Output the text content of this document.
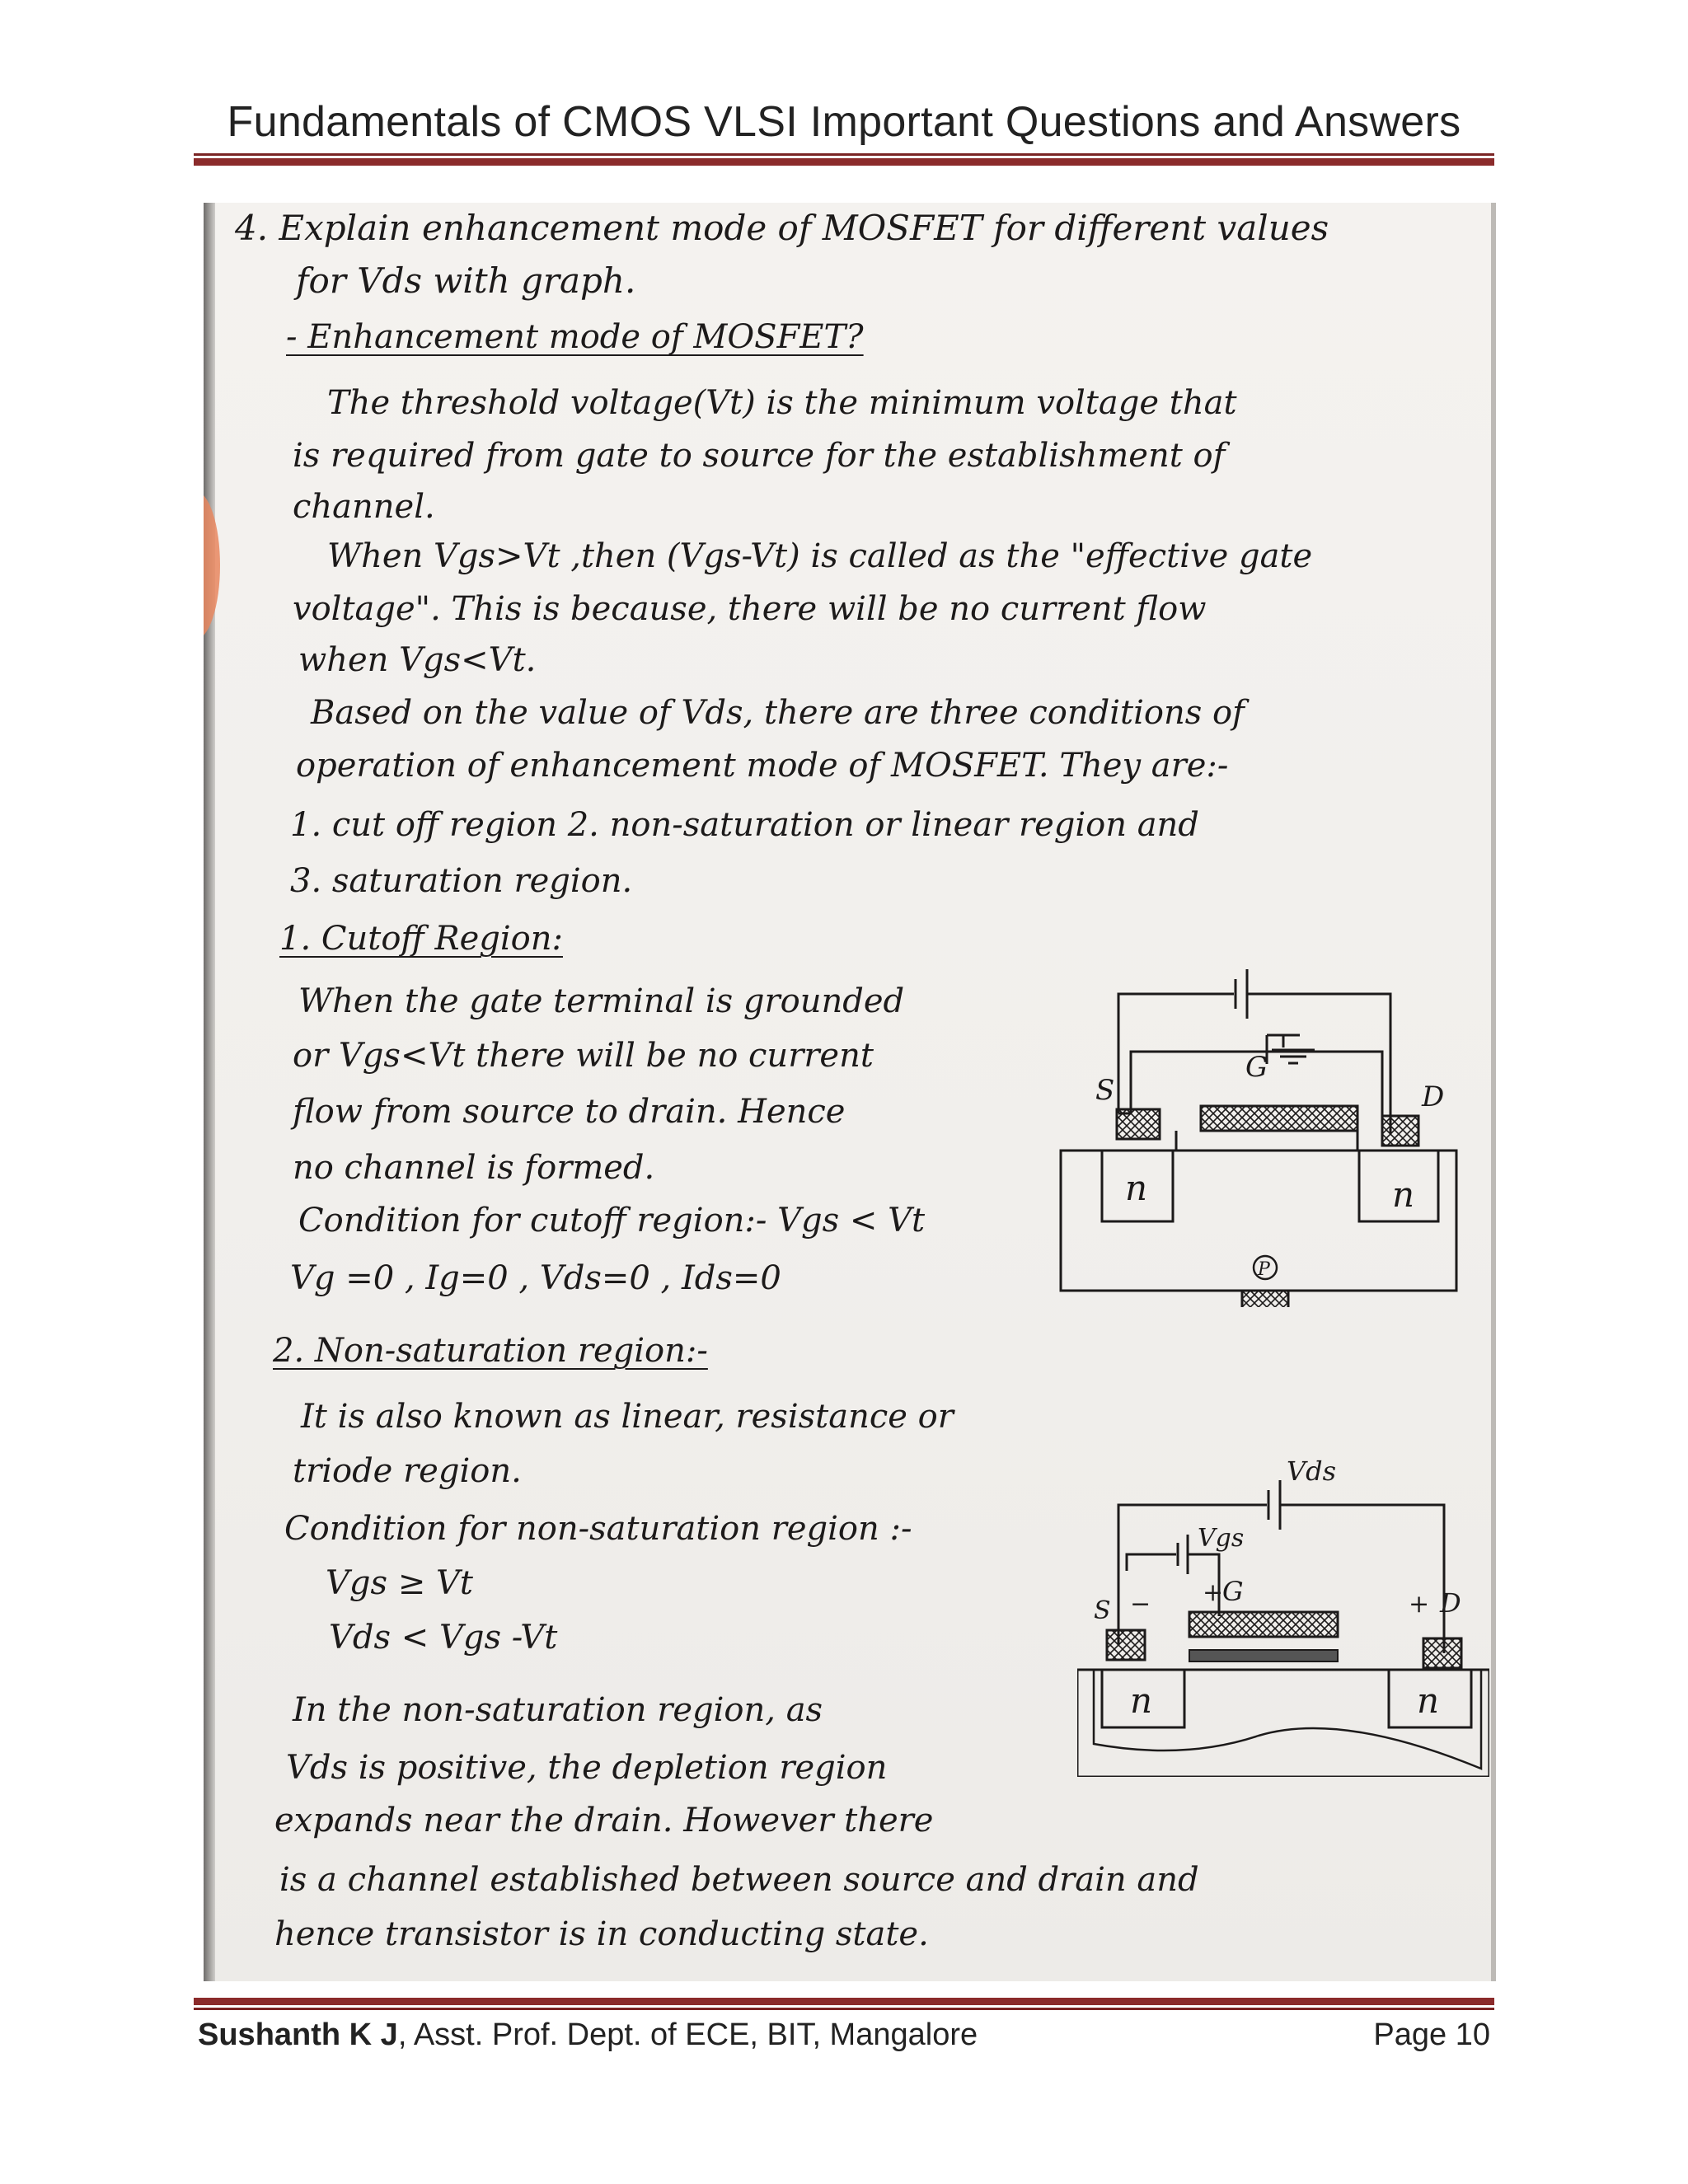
Fundamentals of CMOS VLSI Important Questions and Answers
4. Explain enhancement mode of MOSFET for different values
for Vds with graph.
- Enhancement mode of MOSFET?
The threshold voltage(Vt) is the minimum voltage that
is required from gate to source for the establishment of
channel.
When Vgs>Vt ,then (Vgs-Vt) is called as the "effective gate
voltage". This is because, there will be no current flow
when Vgs<Vt.
Based on the value of Vds, there are three conditions of
operation of enhancement mode of MOSFET. They are:-
1. cut off region 2. non-saturation or linear region and
3. saturation region.
1. Cutoff Region:
When the gate terminal is grounded
or Vgs<Vt there will be no current
flow from source to drain. Hence
no channel is formed.
Condition for cutoff region:- Vgs < Vt
Vg =0 , Ig=0 , Vds=0 , Ids=0
2. Non-saturation region:-
It is also known as linear, resistance or
triode region.
Condition for non-saturation region :-
Vgs ≥ Vt
Vds < Vgs -Vt
In the non-saturation region, as
Vds is positive, the depletion region
expands near the drain. However there
is a channel established between source and drain and
hence transistor is in conducting state.
S
G
D
n	n
P
Vds
Vgs
S − +
G	+ D
n	n
Sushanth K J, Asst. Prof. Dept. of ECE, BIT, Mangalore	Page 10
